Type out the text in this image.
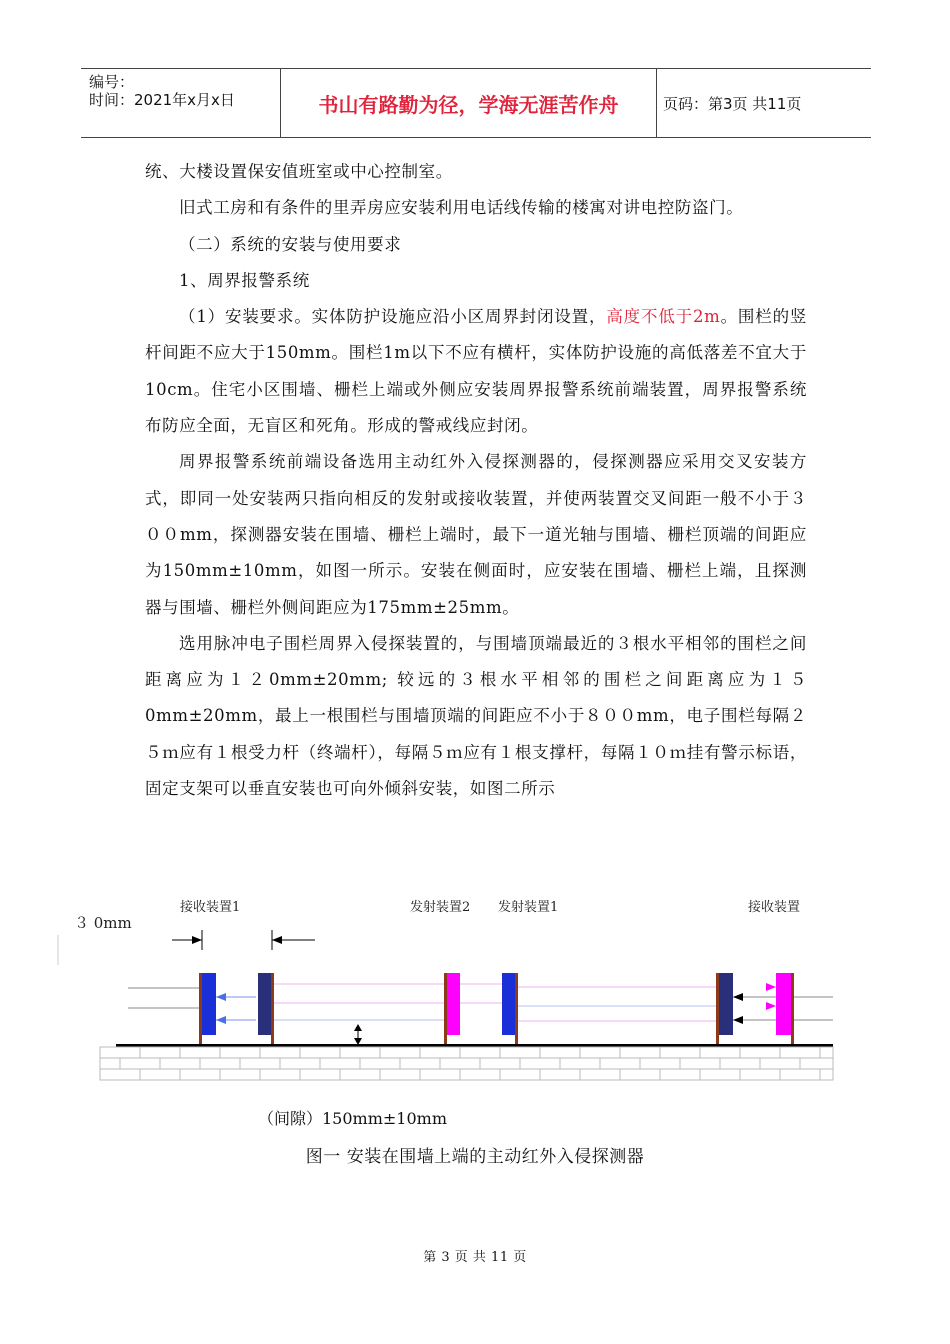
编号：
时间：2021年x月x日	书山有路勤为径，学海无涯苦作舟	页码：第3页 共11页

统、大楼设置保安值班室或中心控制室。

旧式工房和有条件的里弄房应安装利用电话线传输的楼寓对讲电控防盗门。

（二）系统的安装与使用要求

1、周界报警系统

（1）安装要求。实体防护设施应沿小区周界封闭设置，高度不低于2m。围栏的竖杆间距不应大于150mm。围栏1m以下不应有横杆，实体防护设施的高低落差不宜大于10cm。住宅小区围墙、栅栏上端或外侧应安装周界报警系统前端装置，周界报警系统布防应全面，无盲区和死角。形成的警戒线应封闭。

周界报警系统前端设备选用主动红外入侵探测器的，侵探测器应采用交叉安装方式，即同一处安装两只指向相反的发射或接收装置，并使两装置交叉间距一般不小于３００mm，探测器安装在围墙、栅栏上端时，最下一道光轴与围墙、栅栏顶端的间距应为150mm±10mm，如图一所示。安装在侧面时，应安装在围墙、栅栏上端，且探测器与围墙、栅栏外侧间距应为175mm±25mm。

选用脉冲电子围栏周界入侵探装置的，与围墙顶端最近的３根水平相邻的围栏之间距离应为１２0mm±20mm; 较远的３根水平相邻的围栏之间距离应为１５0mm±20mm，最上一根围栏与围墙顶端的间距应不小于８００mm，电子围栏每隔２５ｍ应有１根受力杆（终端杆），每隔５ｍ应有１根支撑杆，每隔１０ｍ挂有警示标语，固定支架可以垂直安装也可向外倾斜安装，如图二所示

接收装置1	发射装置2 发射装置1	接收装置
３ 0mm
（间隙）150mm±10mm
图一 安装在围墙上端的主动红外入侵探测器
第 3 页 共 11 页
